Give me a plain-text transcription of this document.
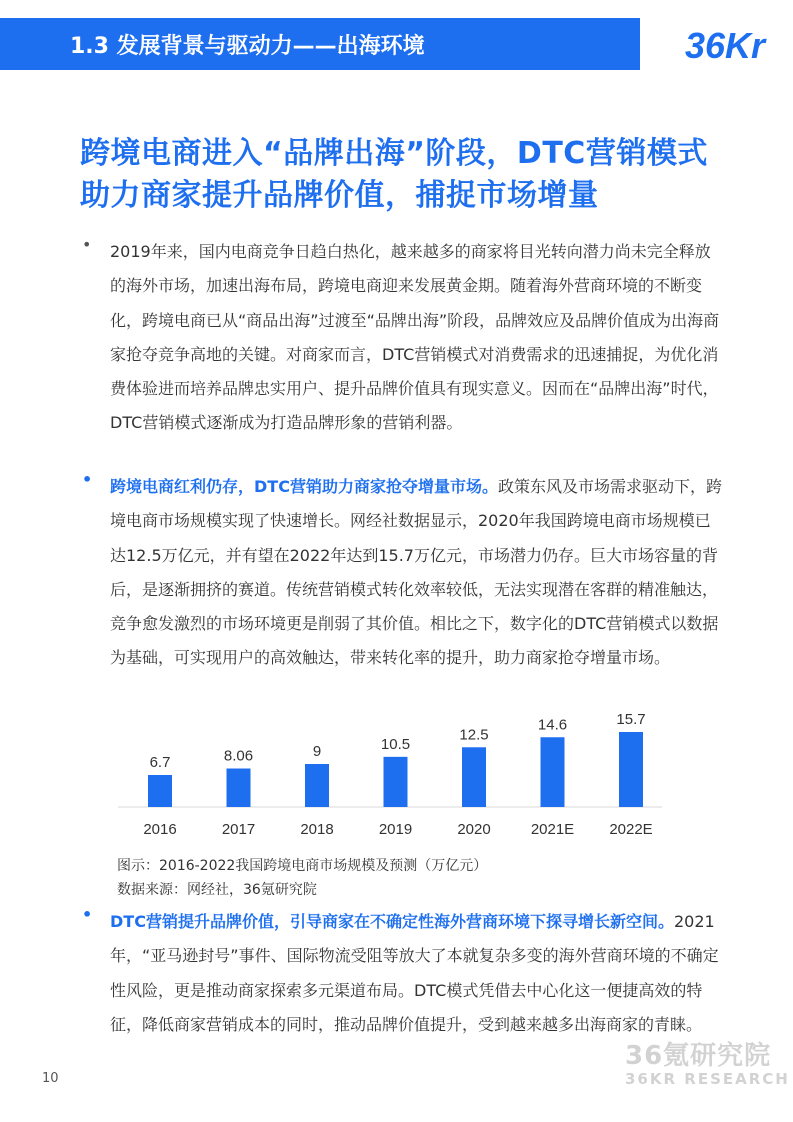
1.3 发展背景与驱动力——出海环境	36Kr
跨境电商进入“品牌出海”阶段，DTC营销模式助力商家提升品牌价值，捕捉市场增量
• 2019年来，国内电商竞争日趋白热化，越来越多的商家将目光转向潜力尚未完全释放的海外市场，加速出海布局，跨境电商迎来发展黄金期。随着海外营商环境的不断变化，跨境电商已从“商品出海”过渡至“品牌出海”阶段，品牌效应及品牌价值成为出海商家抢夺竞争高地的关键。对商家而言，DTC营销模式对消费需求的迅速捕捉，为优化消费体验进而培养品牌忠实用户、提升品牌价值具有现实意义。因而在“品牌出海”时代，DTC营销模式逐渐成为打造品牌形象的营销利器。
• 跨境电商红利仍存，DTC营销助力商家抢夺增量市场。政策东风及市场需求驱动下，跨境电商市场规模实现了快速增长。网经社数据显示，2020年我国跨境电商市场规模已达12.5万亿元，并有望在2022年达到15.7万亿元，市场潜力仍存。巨大市场容量的背后，是逐渐拥挤的赛道。传统营销模式转化效率较低，无法实现潜在客群的精准触达，竞争愈发激烈的市场环境更是削弱了其价值。相比之下，数字化的DTC营销模式以数据为基础，可实现用户的高效触达，带来转化率的提升，助力商家抢夺增量市场。
6.7
2016
8.06
2017
9
2018
10.5
2019
12.5
2020
14.6
2021E
15.7
2022E
图示：2016-2022我国跨境电商市场规模及预测（万亿元）
数据来源：网经社，36氪研究院
• DTC营销提升品牌价值，引导商家在不确定性海外营商环境下探寻增长新空间。2021年，“亚马逊封号”事件、国际物流受阻等放大了本就复杂多变的海外营商环境的不确定性风险，更是推动商家探索多元渠道布局。DTC模式凭借去中心化这一便捷高效的特征，降低商家营销成本的同时，推动品牌价值提升，受到越来越多出海商家的青睐。
10
36氪研究院
36KR RESEARCH
